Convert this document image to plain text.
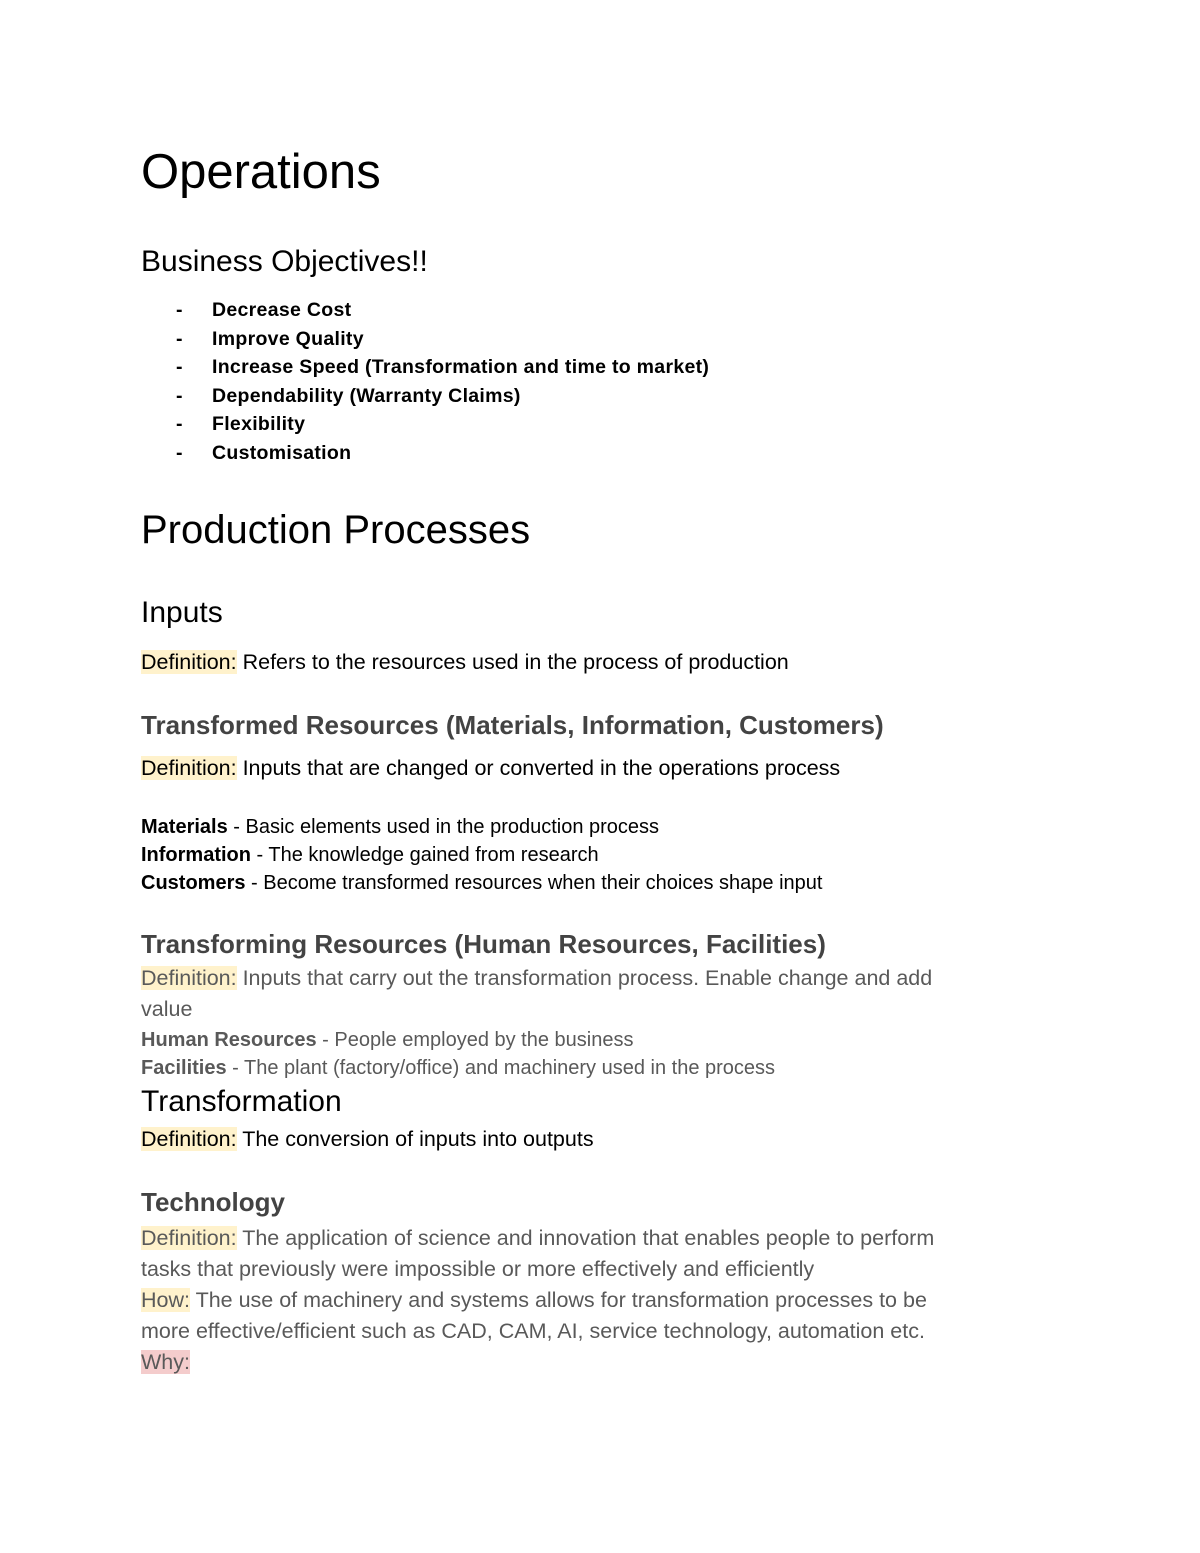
Operations
Business Objectives!!
- Decrease Cost
- Improve Quality
- Increase Speed (Transformation and time to market)
- Dependability (Warranty Claims)
- Flexibility
- Customisation
Production Processes
Inputs

Definition: Refers to the resources used in the process of production

Transformed Resources (Materials, Information, Customers)

Definition: Inputs that are changed or converted in the operations process

Materials - Basic elements used in the production process

Information - The knowledge gained from research

Customers - Become transformed resources when their choices shape input

Transforming Resources (Human Resources, Facilities)

Definition: Inputs that carry out the transformation process. Enable change and add

value

Human Resources - People employed by the business

Facilities - The plant (factory/office) and machinery used in the process

Transformation

Definition: The conversion of inputs into outputs

Technology

Definition: The application of science and innovation that enables people to perform

tasks that previously were impossible or more effectively and efficiently

How: The use of machinery and systems allows for transformation processes to be

more effective/efficient such as CAD, CAM, AI, service technology, automation etc.

Why:
